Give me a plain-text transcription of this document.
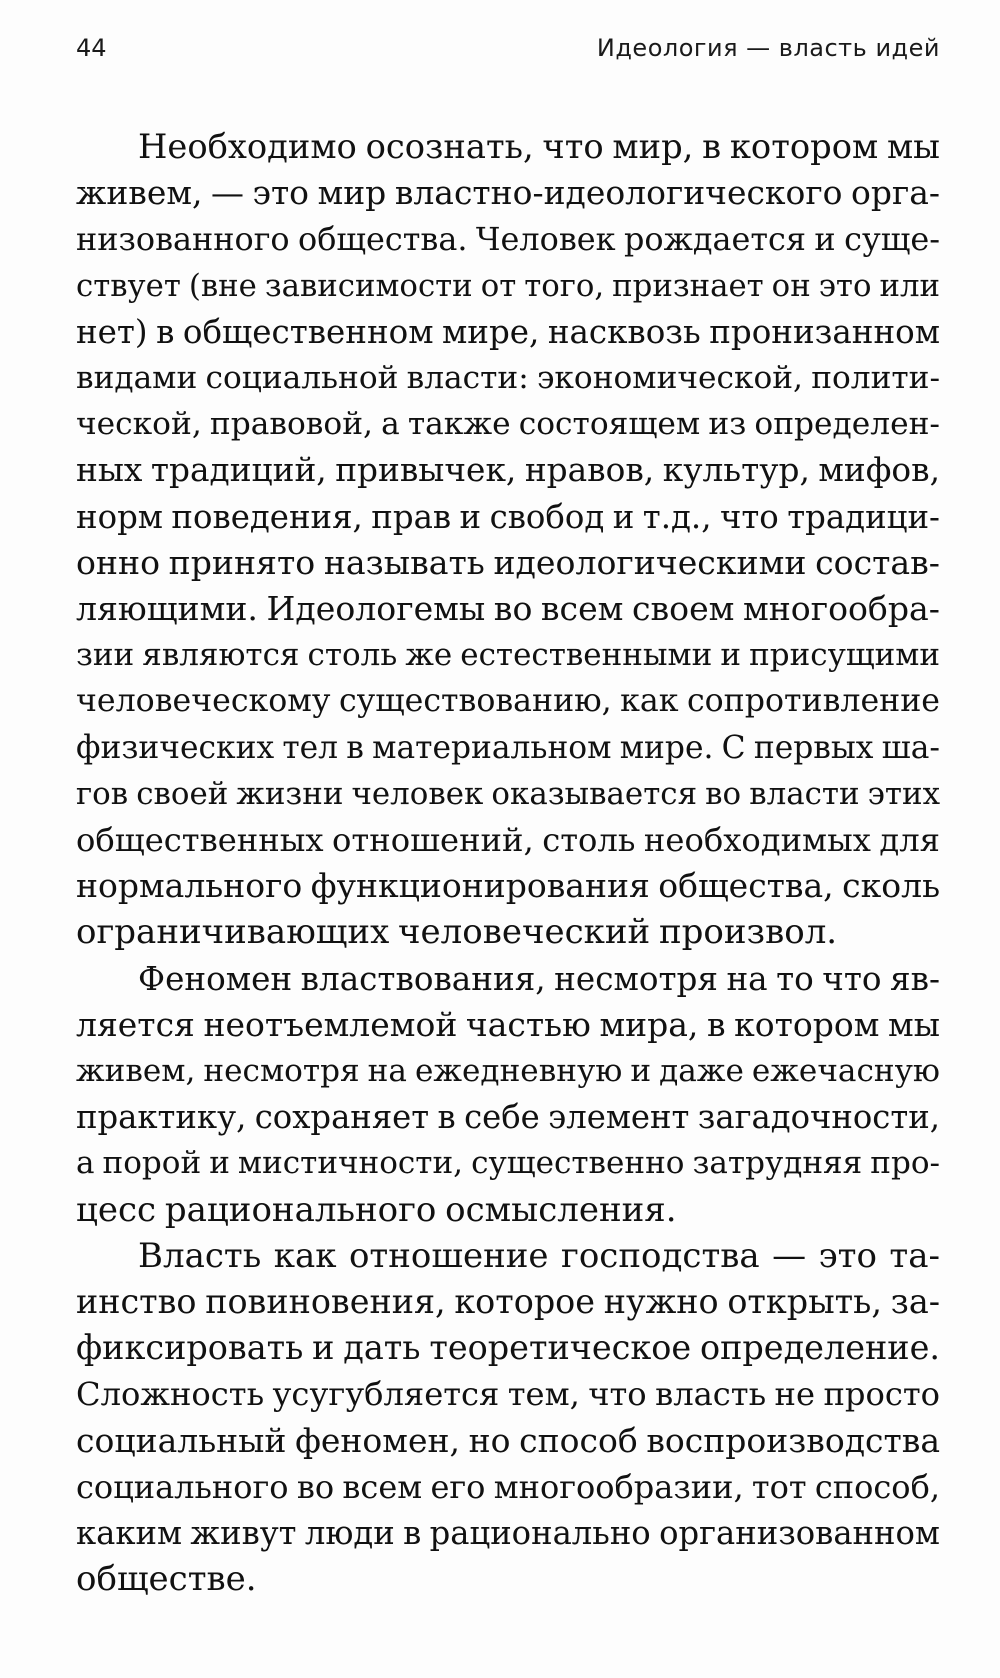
44	Идеология — власть идей

Необходимо осознать, что мир, в котором мы
живем, — это мир властно-идеологического орга-
низованного общества. Человек рождается и суще-
ствует (вне зависимости от того, признает он это или
нет) в общественном мире, насквозь пронизанном
видами социальной власти: экономической, полити-
ческой, правовой, а также состоящем из определен-
ных традиций, привычек, нравов, культур, мифов,
норм поведения, прав и свобод и т.д., что традици-
онно принято называть идеологическими состав-
ляющими. Идеологемы во всем своем многообра-
зии являются столь же естественными и присущими
человеческому существованию, как сопротивление
физических тел в материальном мире. С первых ша-
гов своей жизни человек оказывается во власти этих
общественных отношений, столь необходимых для
нормального функционирования общества, сколь
ограничивающих человеческий произвол.

Феномен властвования, несмотря на то что яв-
ляется неотъемлемой частью мира, в котором мы
живем, несмотря на ежедневную и даже ежечасную
практику, сохраняет в себе элемент загадочности,
а порой и мистичности, существенно затрудняя про-
цесс рационального осмысления.

Власть как отношение господства — это та-
инство повиновения, которое нужно открыть, за-
фиксировать и дать теоретическое определение.
Сложность усугубляется тем, что власть не просто
социальный феномен, но способ воспроизводства
социального во всем его многообразии, тот способ,
каким живут люди в рационально организованном
обществе.
